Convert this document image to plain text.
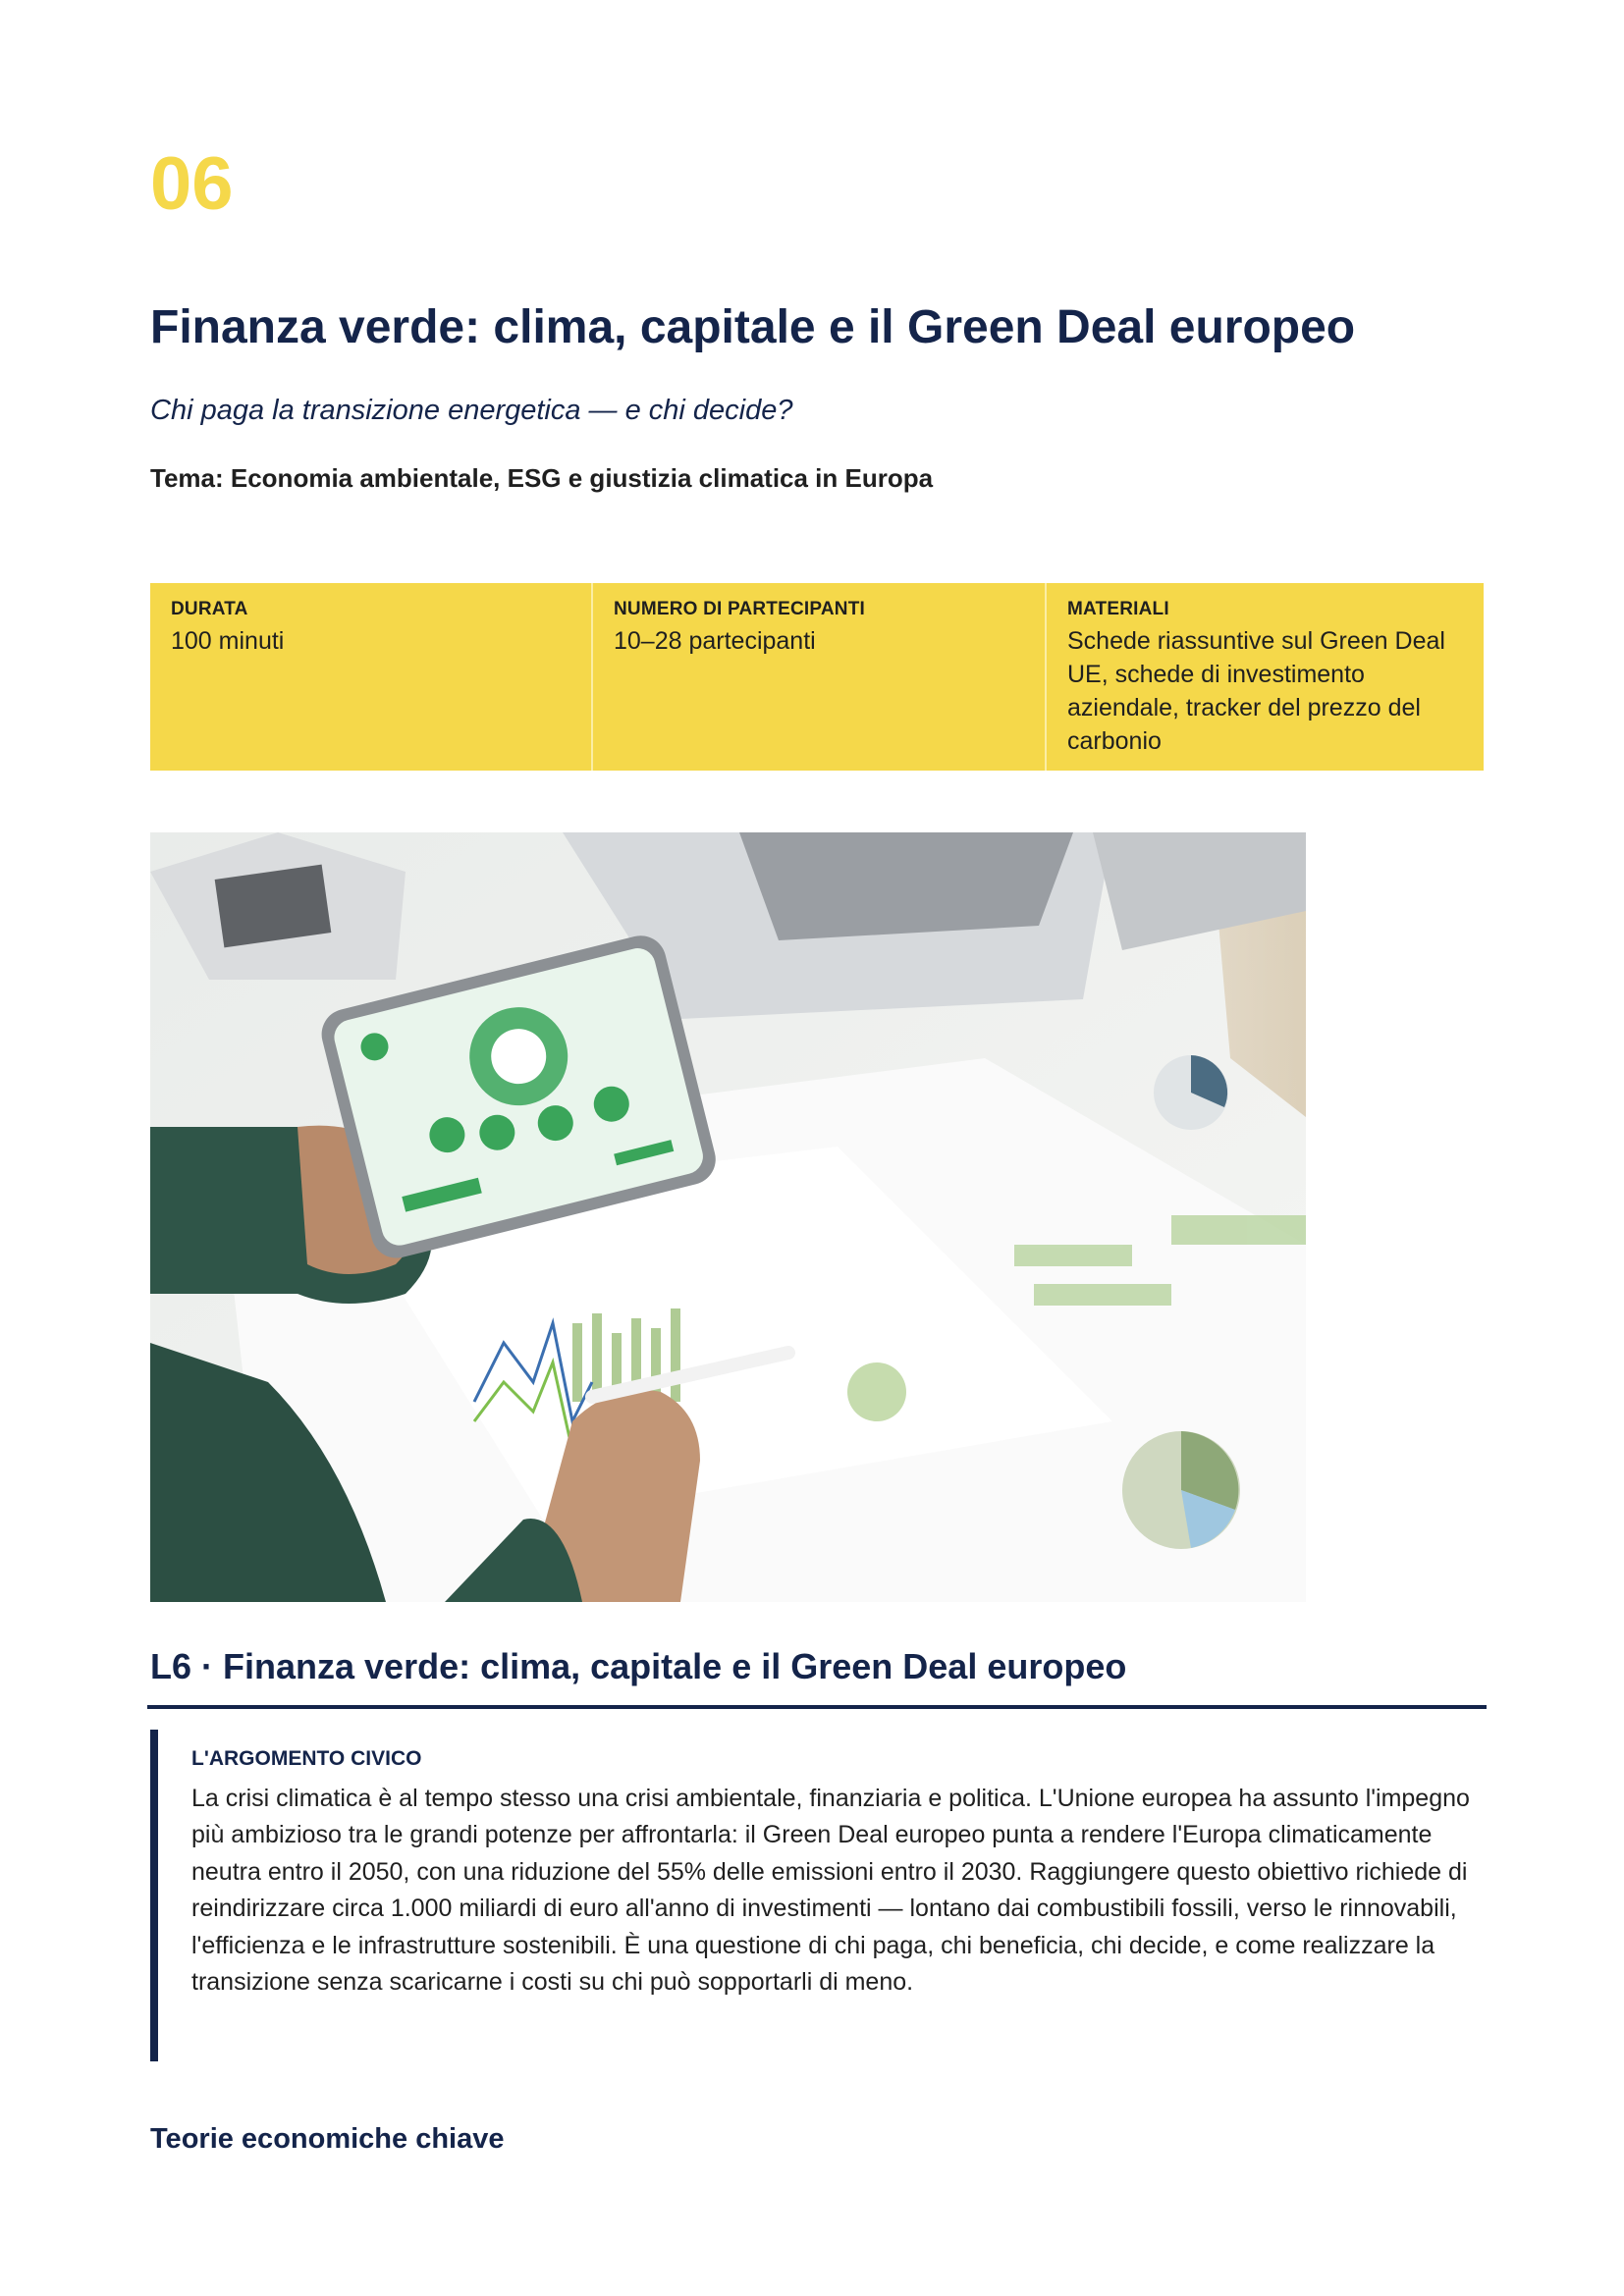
06
Finanza verde: clima, capitale e il Green Deal europeo
Chi paga la transizione energetica — e chi decide?
Tema: Economia ambientale, ESG e giustizia climatica in Europa
DURATA
100 minuti
NUMERO DI PARTECIPANTI
10–28 partecipanti
MATERIALI
Schede riassuntive sul Green Deal UE, schede di investimento aziendale, tracker del prezzo del carbonio
L6 · Finanza verde: clima, capitale e il Green Deal europeo
L'ARGOMENTO CIVICO

La crisi climatica è al tempo stesso una crisi ambientale, finanziaria e politica. L'Unione europea ha assunto l'impegno più ambizioso tra le grandi potenze per affrontarla: il Green Deal europeo punta a rendere l'Europa climaticamente neutra entro il 2050, con una riduzione del 55% delle emissioni entro il 2030. Raggiungere questo obiettivo richiede di reindirizzare circa 1.000 miliardi di euro all'anno di investimenti — lontano dai combustibili fossili, verso le rinnovabili, l'efficienza e le infrastrutture sostenibili. È una questione di chi paga, chi beneficia, chi decide, e come realizzare la transizione senza scaricarne i costi su chi può sopportarli di meno.

Teorie economiche chiave
